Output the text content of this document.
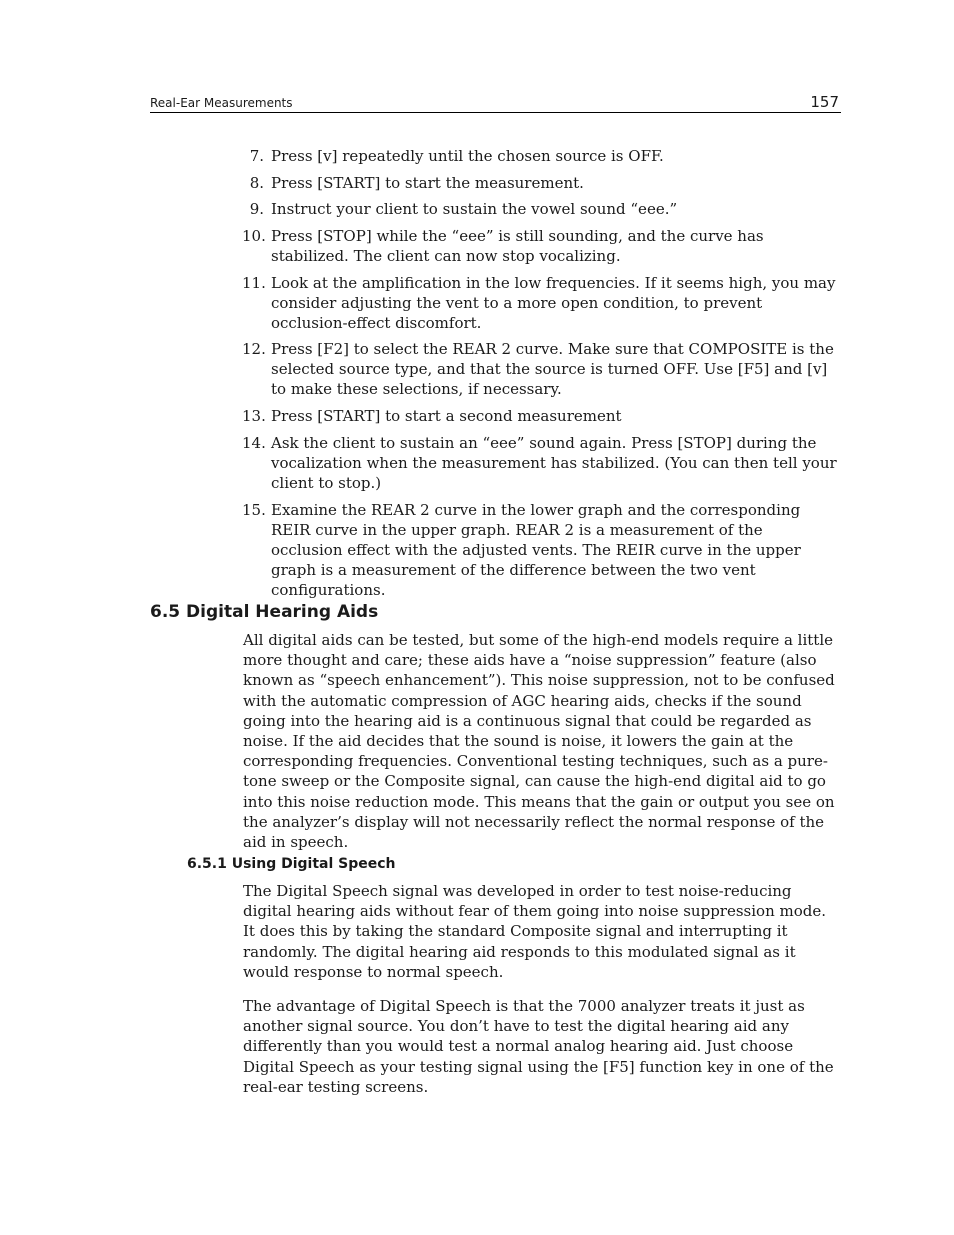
Real-Ear Measurements	157
7. Press [v] repeatedly until the chosen source is OFF.
8. Press [START] to start the measurement.
9. Instruct your client to sustain the vowel sound “eee.”
10. Press [STOP] while the “eee” is still sounding, and the curve has stabilized. The client can now stop vocalizing.
11. Look at the amplification in the low frequencies. If it seems high, you may consider adjusting the vent to a more open condition, to prevent occlusion-effect discomfort.
12. Press [F2] to select the REAR 2 curve. Make sure that COMPOSITE is the selected source type, and that the source is turned OFF. Use [F5] and [v] to make these selections, if necessary.
13. Press [START] to start a second measurement
14. Ask the client to sustain an “eee” sound again. Press [STOP] during the vocalization when the measurement has stabilized. (You can then tell your client to stop.)
15. Examine the REAR 2 curve in the lower graph and the corresponding REIR curve in the upper graph. REAR 2 is a measurement of the occlusion effect with the adjusted vents. The REIR curve in the upper graph is a measurement of the difference between the two vent configurations.
6.5 Digital Hearing Aids

All digital aids can be tested, but some of the high-end models require a little more thought and care; these aids have a “noise suppression” feature (also known as “speech enhancement”). This noise suppression, not to be confused with the automatic compression of AGC hearing aids, checks if the sound going into the hearing aid is a continuous signal that could be regarded as noise. If the aid decides that the sound is noise, it lowers the gain at the corresponding frequencies. Conventional testing techniques, such as a pure-tone sweep or the Composite signal, can cause the high-end digital aid to go into this noise reduction mode. This means that the gain or output you see on the analyzer’s display will not necessarily reflect the normal response of the aid in speech.

6.5.1 Using Digital Speech

The Digital Speech signal was developed in order to test noise-reducing digital hearing aids without fear of them going into noise suppression mode. It does this by taking the standard Composite signal and interrupting it randomly. The digital hearing aid responds to this modulated signal as it would response to normal speech.

The advantage of Digital Speech is that the 7000 analyzer treats it just as another signal source. You don’t have to test the digital hearing aid any differently than you would test a normal analog hearing aid. Just choose Digital Speech as your testing signal using the [F5] function key in one of the real-ear testing screens.
